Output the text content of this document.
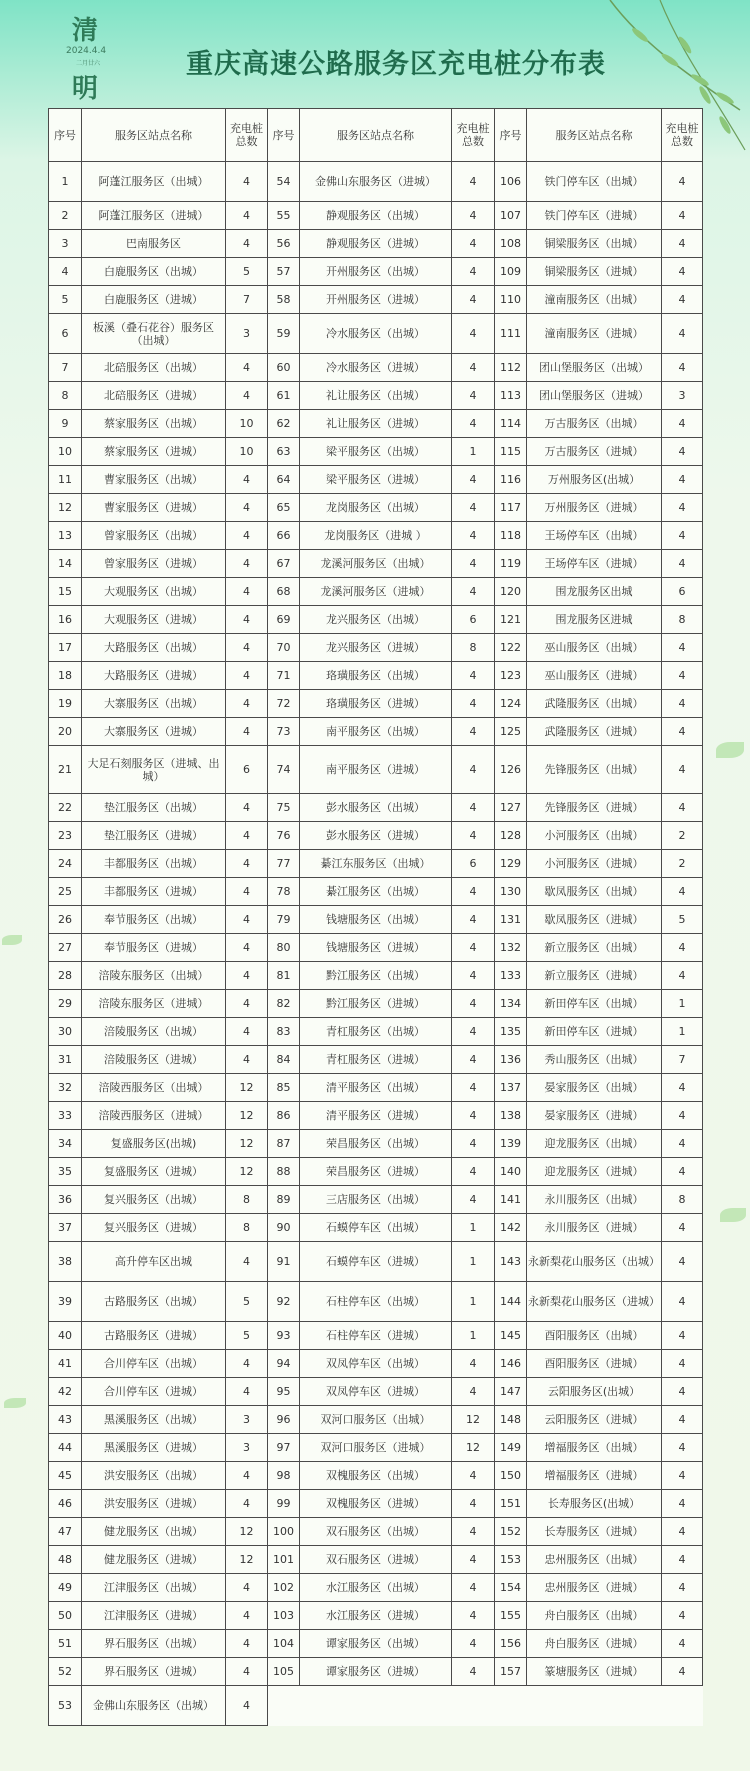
清
2024.4.4
二月廿六
明
重庆高速公路服务区充电桩分布表
序号	服务区站点名称	充电桩总数	序号	服务区站点名称	充电桩总数	序号	服务区站点名称	充电桩总数
1	阿蓬江服务区（出城）	4	54	金佛山东服务区（进城）	4	106	铁门停车区（出城）	4
2	阿蓬江服务区（进城）	4	55	静观服务区（出城）	4	107	铁门停车区（进城）	4
3	巴南服务区	4	56	静观服务区（进城）	4	108	铜梁服务区（出城）	4
4	白鹿服务区（出城）	5	57	开州服务区（出城）	4	109	铜梁服务区（进城）	4
5	白鹿服务区（进城）	7	58	开州服务区（进城）	4	110	潼南服务区（出城）	4
6	板溪（叠石花谷）服务区（出城）	3	59	冷水服务区（出城）	4	111	潼南服务区（进城）	4
7	北碚服务区（出城）	4	60	冷水服务区（进城）	4	112	团山堡服务区（出城）	4
8	北碚服务区（进城）	4	61	礼让服务区（出城）	4	113	团山堡服务区（进城）	3
9	蔡家服务区（出城）	10	62	礼让服务区（进城）	4	114	万古服务区（出城）	4
10	蔡家服务区（进城）	10	63	梁平服务区（出城）	1	115	万古服务区（进城）	4
11	曹家服务区（出城）	4	64	梁平服务区（进城）	4	116	万州服务区(出城）	4
12	曹家服务区（进城）	4	65	龙岗服务区（出城）	4	117	万州服务区（进城）	4
13	曾家服务区（出城）	4	66	龙岗服务区（进城 ）	4	118	王场停车区（出城）	4
14	曾家服务区（进城）	4	67	龙溪河服务区（出城）	4	119	王场停车区（进城）	4
15	大观服务区（出城）	4	68	龙溪河服务区（进城）	4	120	围龙服务区出城	6
16	大观服务区（进城）	4	69	龙兴服务区（出城）	6	121	围龙服务区进城	8
17	大路服务区（出城）	4	70	龙兴服务区（进城）	8	122	巫山服务区（出城）	4
18	大路服务区（进城）	4	71	珞璜服务区（出城）	4	123	巫山服务区（进城）	4
19	大寨服务区（出城）	4	72	珞璜服务区（进城）	4	124	武隆服务区（出城）	4
20	大寨服务区（进城）	4	73	南平服务区（出城）	4	125	武隆服务区（进城）	4
21	大足石刻服务区（进城、出城）	6	74	南平服务区（进城）	4	126	先锋服务区（出城）	4
22	垫江服务区（出城）	4	75	彭水服务区（出城）	4	127	先锋服务区（进城）	4
23	垫江服务区（进城）	4	76	彭水服务区（进城）	4	128	小河服务区（出城）	2
24	丰都服务区（出城）	4	77	綦江东服务区（出城）	6	129	小河服务区（进城）	2
25	丰都服务区（进城）	4	78	綦江服务区（出城）	4	130	歇凤服务区（出城）	4
26	奉节服务区（出城）	4	79	钱塘服务区（出城）	4	131	歇凤服务区（进城）	5
27	奉节服务区（进城）	4	80	钱塘服务区（进城）	4	132	新立服务区（出城）	4
28	涪陵东服务区（出城）	4	81	黔江服务区（出城）	4	133	新立服务区（进城）	4
29	涪陵东服务区（进城）	4	82	黔江服务区（进城）	4	134	新田停车区（出城）	1
30	涪陵服务区（出城）	4	83	青杠服务区（出城）	4	135	新田停车区（进城）	1
31	涪陵服务区（进城）	4	84	青杠服务区（进城）	4	136	秀山服务区（出城）	7
32	涪陵西服务区（出城）	12	85	清平服务区（出城）	4	137	晏家服务区（出城）	4
33	涪陵西服务区（进城）	12	86	清平服务区（进城）	4	138	晏家服务区（进城）	4
34	复盛服务区(出城)	12	87	荣昌服务区（出城）	4	139	迎龙服务区（出城）	4
35	复盛服务区（进城）	12	88	荣昌服务区（进城）	4	140	迎龙服务区（进城）	4
36	复兴服务区（出城）	8	89	三店服务区（出城）	4	141	永川服务区（出城）	8
37	复兴服务区（进城）	8	90	石蟆停车区（出城）	1	142	永川服务区（进城）	4
38	高升停车区出城	4	91	石蟆停车区（进城）	1	143	永新梨花山服务区（出城）	4
39	古路服务区（出城）	5	92	石柱停车区（出城）	1	144	永新梨花山服务区（进城）	4
40	古路服务区（进城）	5	93	石柱停车区（进城）	1	145	酉阳服务区（出城）	4
41	合川停车区（出城）	4	94	双凤停车区（出城）	4	146	酉阳服务区（进城）	4
42	合川停车区（进城）	4	95	双凤停车区（进城）	4	147	云阳服务区(出城）	4
43	黑溪服务区（出城）	3	96	双河口服务区（出城）	12	148	云阳服务区（进城）	4
44	黑溪服务区（进城）	3	97	双河口服务区（进城）	12	149	增福服务区（出城）	4
45	洪安服务区（出城）	4	98	双槐服务区（出城）	4	150	增福服务区（进城）	4
46	洪安服务区（进城）	4	99	双槐服务区（进城）	4	151	长寿服务区(出城）	4
47	健龙服务区（出城）	12	100	双石服务区（出城）	4	152	长寿服务区（进城）	4
48	健龙服务区（进城）	12	101	双石服务区（进城）	4	153	忠州服务区（出城）	4
49	江津服务区（出城）	4	102	水江服务区（出城）	4	154	忠州服务区（进城）	4
50	江津服务区（进城）	4	103	水江服务区（进城）	4	155	舟白服务区（出城）	4
51	界石服务区（出城）	4	104	谭家服务区（出城）	4	156	舟白服务区（进城）	4
52	界石服务区（进城）	4	105	谭家服务区（进城）	4	157	篆塘服务区（进城）	4
53	金佛山东服务区（出城）	4						
